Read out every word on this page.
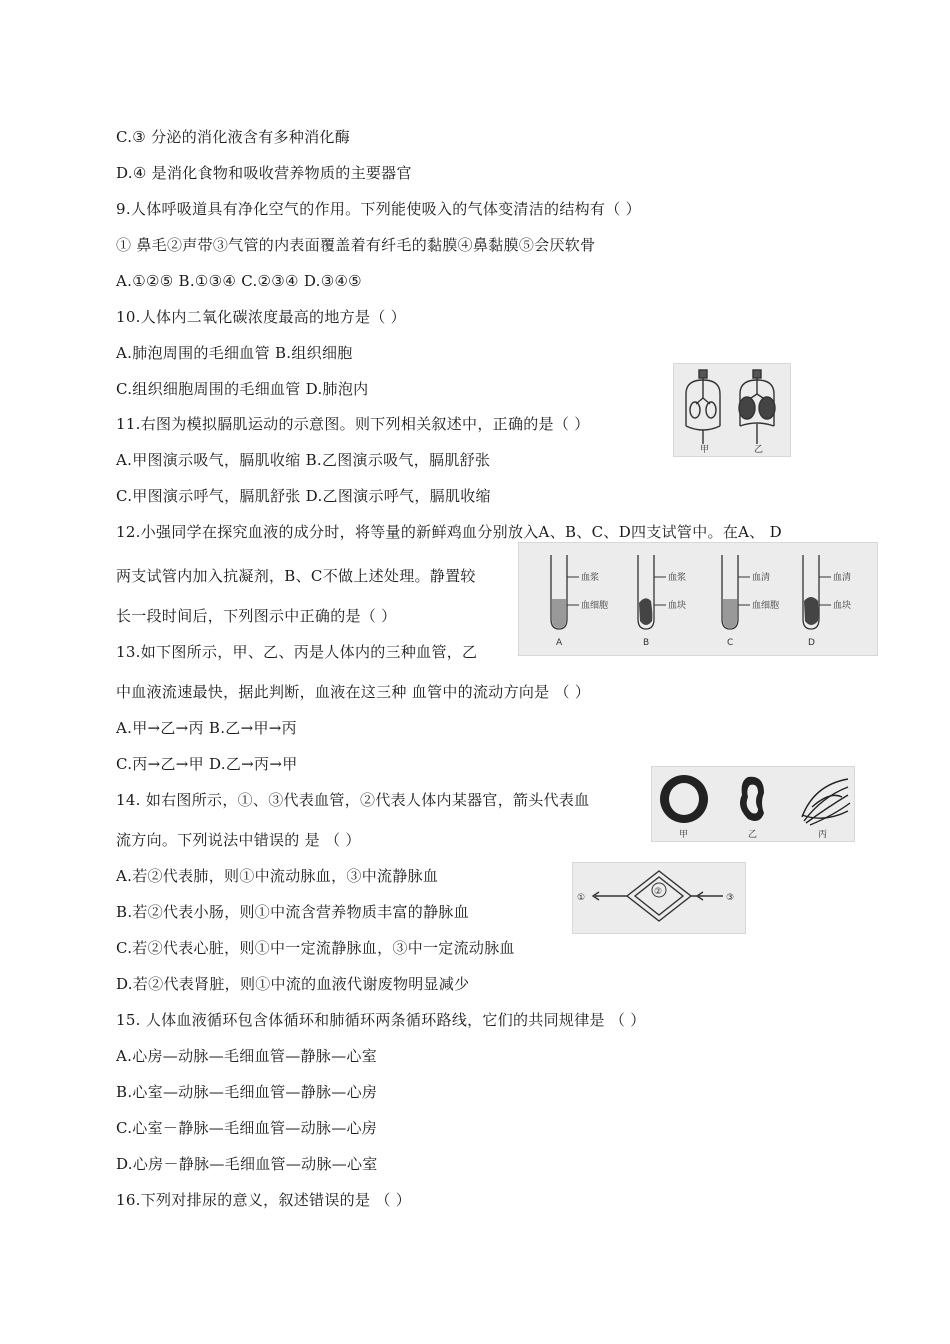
C.③ 分泌的消化液含有多种消化酶
D.④ 是消化食物和吸收营养物质的主要器官
9.人体呼吸道具有净化空气的作用。下列能使吸入的气体变清洁的结构有（ ）
① 鼻毛②声带③气管的内表面覆盖着有纤毛的黏膜④鼻黏膜⑤会厌软骨
A.①②⑤ B.①③④ C.②③④ D.③④⑤
10.人体内二氧化碳浓度最高的地方是（ ）
A.肺泡周围的毛细血管 B.组织细胞
C.组织细胞周围的毛细血管 D.肺泡内
11.右图为模拟膈肌运动的示意图。则下列相关叙述中，正确的是（ ）
A.甲图演示吸气，膈肌收缩 B.乙图演示吸气，膈肌舒张
C.甲图演示呼气，膈肌舒张 D.乙图演示呼气，膈肌收缩
12.小强同学在探究血液的成分时，将等量的新鲜鸡血分别放入A、B、C、D四支试管中。在A、 D
两支试管内加入抗凝剂，B、C不做上述处理。静置较
长一段时间后，下列图示中正确的是（ ）
13.如下图所示，甲、乙、丙是人体内的三种血管，乙
中血液流速最快，据此判断，血液在这三种 血管中的流动方向是 （ ）
A.甲→乙→丙 B.乙→甲→丙
C.丙→乙→甲 D.乙→丙→甲
14. 如右图所示，①、③代表血管，②代表人体内某器官，箭头代表血
流方向。下列说法中错误的 是 （ ）
A.若②代表肺，则①中流动脉血，③中流静脉血
B.若②代表小肠，则①中流含营养物质丰富的静脉血
C.若②代表心脏，则①中一定流静脉血，③中一定流动脉血
D.若②代表肾脏，则①中流的血液代谢废物明显减少
15. 人体血液循环包含体循环和肺循环两条循环路线，它们的共同规律是 （ ）
A.心房—动脉—毛细血管—静脉—心室
B.心室—动脉—毛细血管—静脉—心房
C.心室－静脉—毛细血管—动脉—心房
D.心房－静脉—毛细血管—动脉—心室
16.下列对排尿的意义，叙述错误的是 （ ）
甲	乙
血浆
血细胞
血浆
血块
血清
血细胞
血清
血块
A	B	C	D
甲	乙	丙
①
②
③
